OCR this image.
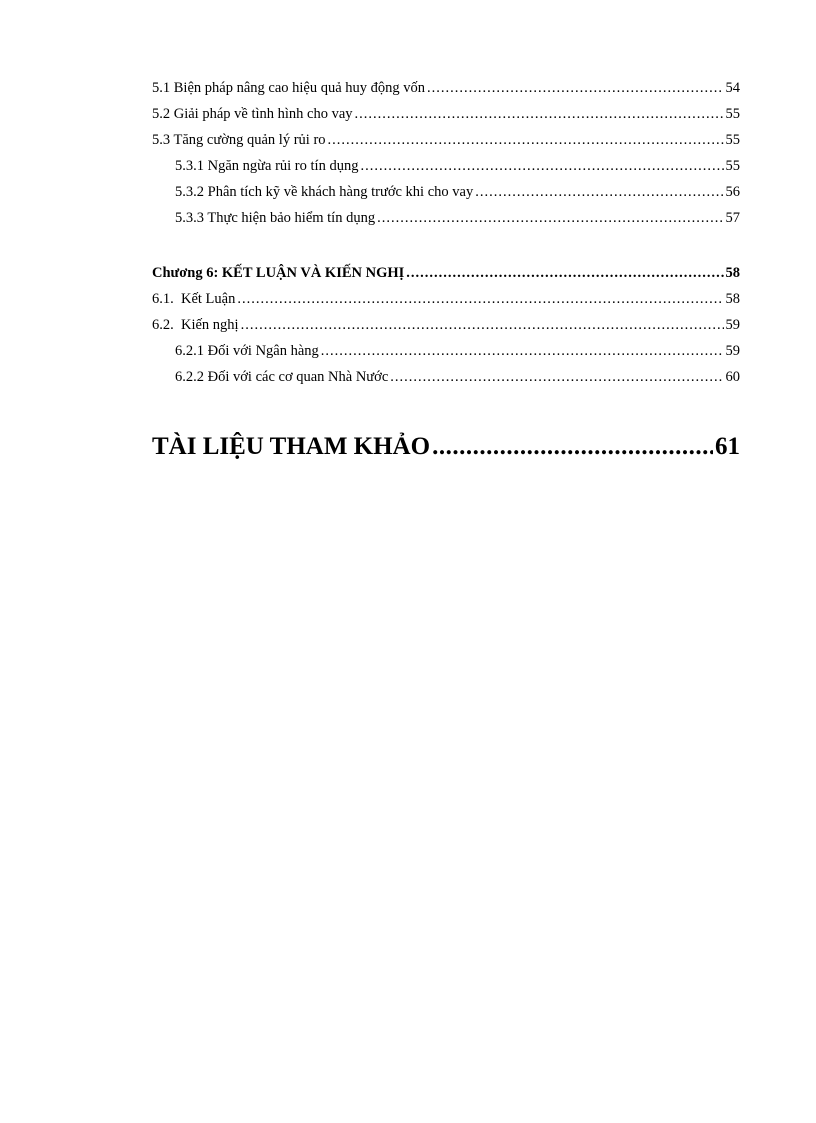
5.1 Biện pháp nâng cao hiệu quả huy động vốn .....	54
5.2 Giải pháp về tình hình cho vay .....	55
5.3 Tăng cường quản lý rủi ro .....	55
5.3.1 Ngăn ngừa rủi ro tín dụng .....	55
5.3.2 Phân tích kỹ về khách hàng trước khi cho vay .....	56
5.3.3 Thực hiện bảo hiểm tín dụng .....	57
Chương 6: KẾT LUẬN VÀ KIẾN NGHỊ .....	58
6.1.  Kết Luận .....	58
6.2.  Kiến nghị .....	59
6.2.1 Đối với Ngân hàng .....	59
6.2.2 Đối với các cơ quan Nhà Nước .....	60
TÀI LIỆU THAM KHẢO .....	61
